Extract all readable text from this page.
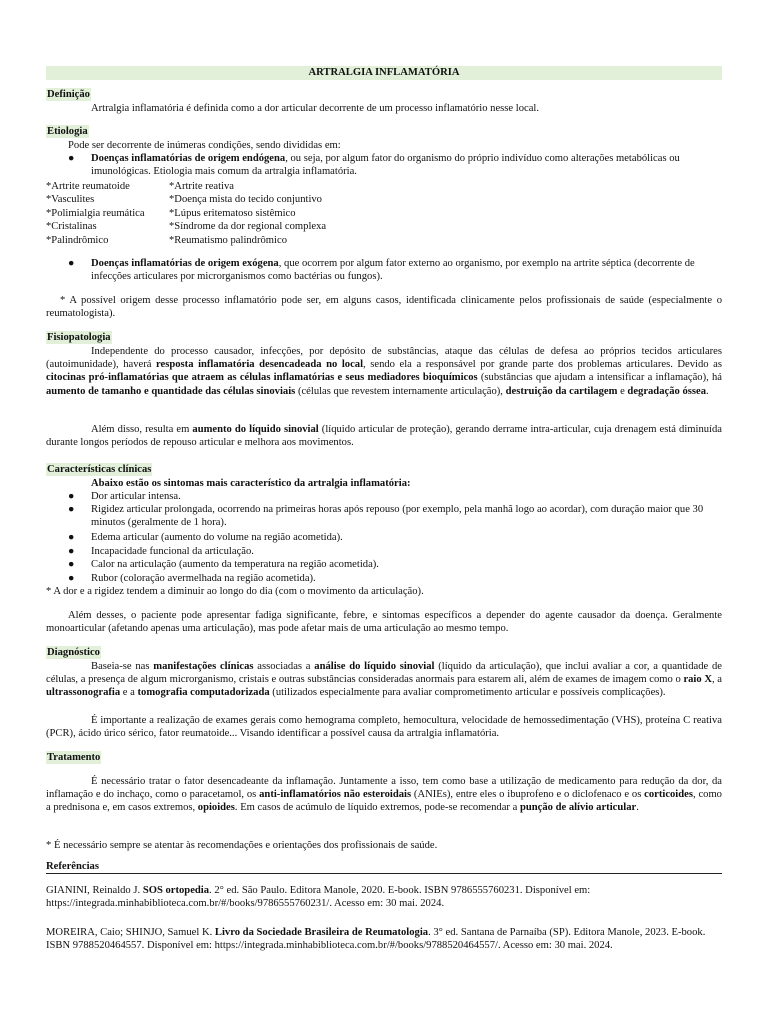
ARTRALGIA INFLAMATÓRIA
Definição
Artralgia inflamatória é definida como a dor articular decorrente de um processo inflamatório nesse local.
Etiologia
Pode ser decorrente de inúmeras condições, sendo divididas em:
● Doenças inflamatórias de origem endógena, ou seja, por algum fator do organismo do próprio indivíduo como alterações metabólicas ou imunológicas. Etiologia mais comum da artralgia inflamatória.
*Artrite reumatoide	*Artrite reativa
*Vasculites	*Doença mista do tecido conjuntivo
*Polimialgia reumática *Lúpus eritematoso sistêmico
*Cristalinas	*Síndrome da dor regional complexa
*Palindrômico	*Reumatismo palindrômico
● Doenças inflamatórias de origem exógena, que ocorrem por algum fator externo ao organismo, por exemplo na artrite séptica (decorrente de infecções articulares por microrganismos como bactérias ou fungos).
* A possível origem desse processo inflamatório pode ser, em alguns casos, identificada clinicamente pelos profissionais de saúde (especialmente o reumatologista).
Fisiopatologia
Independente do processo causador, infecções, por depósito de substâncias, ataque das células de defesa ao próprios tecidos articulares (autoimunidade), haverá resposta inflamatória desencadeada no local, sendo ela a responsável por grande parte dos problemas articulares. Devido as citocinas pró-inflamatórias que atraem as células inflamatórias e seus mediadores bioquímicos (substâncias que ajudam a intensificar a inflamação), há aumento de tamanho e quantidade das células sinoviais (células que revestem internamente articulação), destruição da cartilagem e degradação óssea.
Além disso, resulta em aumento do líquido sinovial (líquido articular de proteção), gerando derrame intra-articular, cuja drenagem está diminuída durante longos períodos de repouso articular e melhora aos movimentos.
Características clínicas
Abaixo estão os sintomas mais característico da artralgia inflamatória:
● Dor articular intensa.
● Rigidez articular prolongada, ocorrendo na primeiras horas após repouso (por exemplo, pela manhã logo ao acordar), com duração maior que 30 minutos (geralmente de 1 hora).
● Edema articular (aumento do volume na região acometida).
● Incapacidade funcional da articulação.
● Calor na articulação (aumento da temperatura na região acometida).
● Rubor (coloração avermelhada na região acometida).
* A dor e a rigidez tendem a diminuir ao longo do dia (com o movimento da articulação).
Além desses, o paciente pode apresentar fadiga significante, febre, e sintomas específicos a depender do agente causador da doença. Geralmente monoarticular (afetando apenas uma articulação), mas pode afetar mais de uma articulação ao mesmo tempo.
Diagnóstico
Baseia-se nas manifestações clínicas associadas a análise do líquido sinovial (líquido da articulação), que inclui avaliar a cor, a quantidade de células, a presença de algum microrganismo, cristais e outras substâncias consideradas anormais para estarem ali, além de exames de imagem como o raio X, a ultrassonografia e a tomografia computadorizada (utilizados especialmente para avaliar comprometimento articular e possíveis complicações).
É importante a realização de exames gerais como hemograma completo, hemocultura, velocidade de hemossedimentação (VHS), proteína C reativa (PCR), ácido úrico sérico, fator reumatoide... Visando identificar a possível causa da artralgia inflamatória.
Tratamento
É necessário tratar o fator desencadeante da inflamação. Juntamente a isso, tem como base a utilização de medicamento para redução da dor, da inflamação e do inchaço, como o paracetamol, os anti-inflamatórios não esteroidais (ANIEs), entre eles o ibuprofeno e o diclofenaco e os corticoides, como a prednisona e, em casos extremos, opioides. Em casos de acúmulo de líquido extremos, pode-se recomendar a punção de alívio articular.
* É necessário sempre se atentar às recomendações e orientações dos profissionais de saúde.
Referências
GIANINI, Reinaldo J. SOS ortopedia. 2° ed. São Paulo. Editora Manole, 2020. E-book. ISBN 9786555760231. Disponível em: https://integrada.minhabiblioteca.com.br/#/books/9786555760231/. Acesso em: 30 mai. 2024.
MOREIRA, Caio; SHINJO, Samuel K. Livro da Sociedade Brasileira de Reumatologia. 3° ed. Santana de Parnaíba (SP). Editora Manole, 2023. E-book. ISBN 9788520464557. Disponível em: https://integrada.minhabiblioteca.com.br/#/books/9788520464557/. Acesso em: 30 mai. 2024.
